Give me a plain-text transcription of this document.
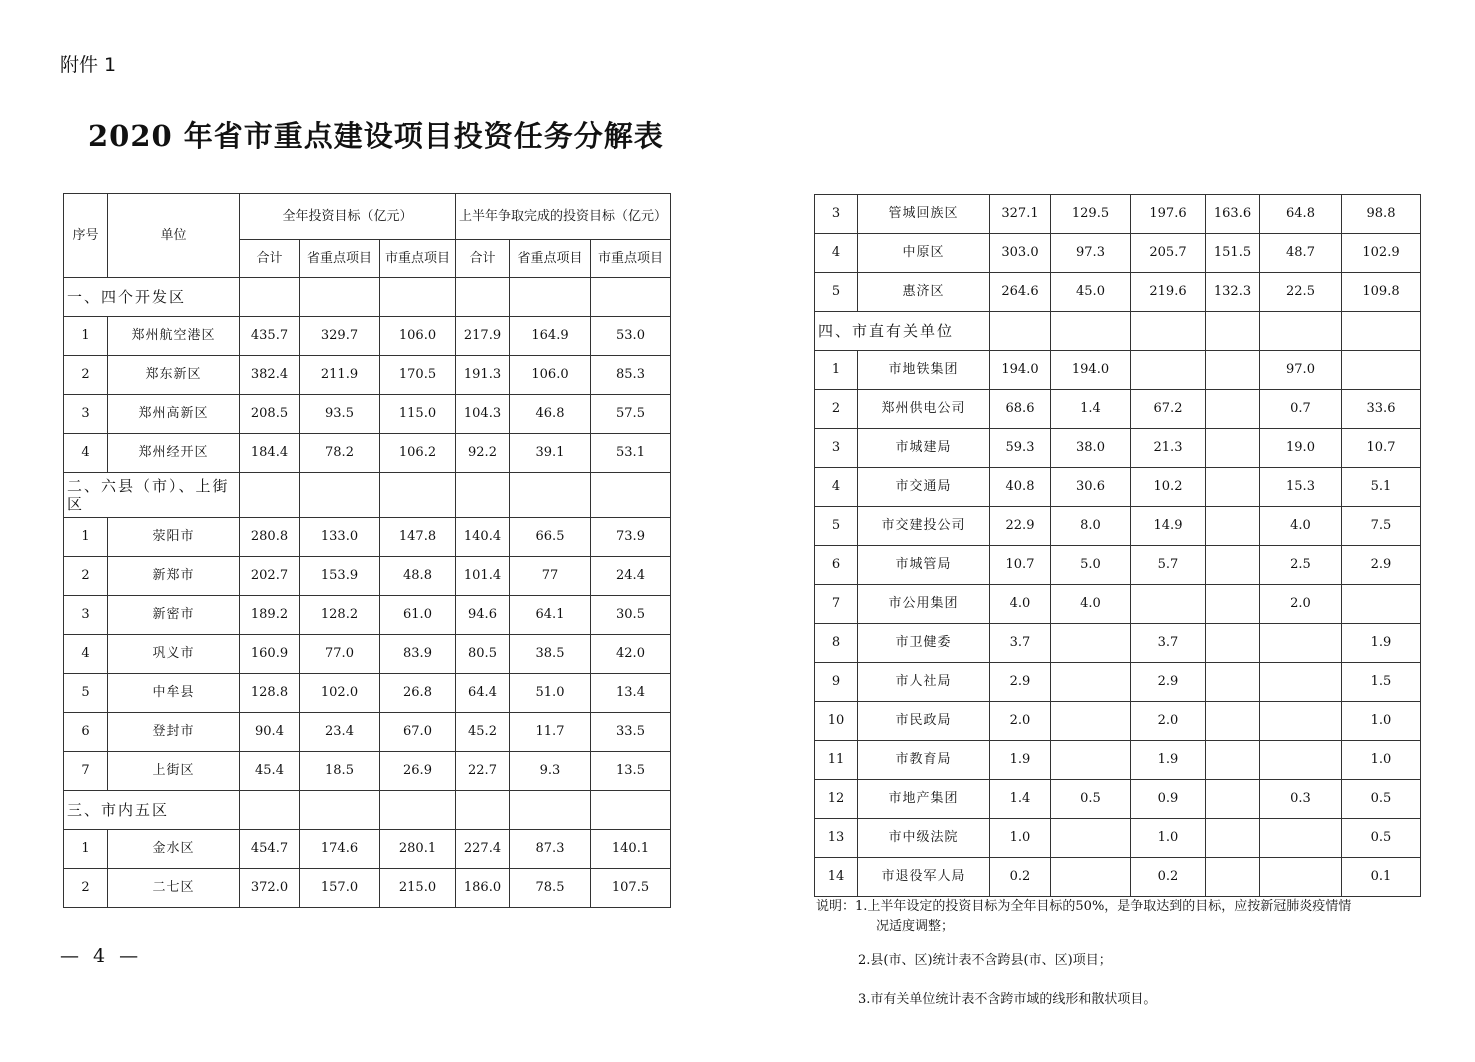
附件 1
2020 年省市重点建设项目投资任务分解表
序号	单位	全年投资目标（亿元）			上半年争取完成的投资目标（亿元）		
		合计	省重点项目	市重点项目	合计	省重点项目	市重点项目
一、四个开发区							
1	郑州航空港区	435.7	329.7	106.0	217.9	164.9	53.0
2	郑东新区	382.4	211.9	170.5	191.3	106.0	85.3
3	郑州高新区	208.5	93.5	115.0	104.3	46.8	57.5
4	郑州经开区	184.4	78.2	106.2	92.2	39.1	53.1
二、六县（市）、上街区							
1	荥阳市	280.8	133.0	147.8	140.4	66.5	73.9
2	新郑市	202.7	153.9	48.8	101.4	77	24.4
3	新密市	189.2	128.2	61.0	94.6	64.1	30.5
4	巩义市	160.9	77.0	83.9	80.5	38.5	42.0
5	中牟县	128.8	102.0	26.8	64.4	51.0	13.4
6	登封市	90.4	23.4	67.0	45.2	11.7	33.5
7	上街区	45.4	18.5	26.9	22.7	9.3	13.5
三、市内五区							
1	金水区	454.7	174.6	280.1	227.4	87.3	140.1
2	二七区	372.0	157.0	215.0	186.0	78.5	107.5
3	管城回族区	327.1	129.5	197.6	163.6	64.8	98.8
4	中原区	303.0	97.3	205.7	151.5	48.7	102.9
5	惠济区	264.6	45.0	219.6	132.3	22.5	109.8
四、市直有关单位							
1	市地铁集团	194.0	194.0			97.0	
2	郑州供电公司	68.6	1.4	67.2		0.7	33.6
3	市城建局	59.3	38.0	21.3		19.0	10.7
4	市交通局	40.8	30.6	10.2		15.3	5.1
5	市交建投公司	22.9	8.0	14.9		4.0	7.5
6	市城管局	10.7	5.0	5.7		2.5	2.9
7	市公用集团	4.0	4.0			2.0	
8	市卫健委	3.7		3.7			1.9
9	市人社局	2.9		2.9			1.5
10	市民政局	2.0		2.0			1.0
11	市教育局	1.9		1.9			1.0
12	市地产集团	1.4	0.5	0.9		0.3	0.5
13	市中级法院	1.0		1.0			0.5
14	市退役军人局	0.2		0.2			0.1
— 4 —
说明：1.上半年设定的投资目标为全年目标的50%，是争取达到的目标，应按新冠肺炎疫情情
况适度调整；
2.县(市、区)统计表不含跨县(市、区)项目；
3.市有关单位统计表不含跨市域的线形和散状项目。
